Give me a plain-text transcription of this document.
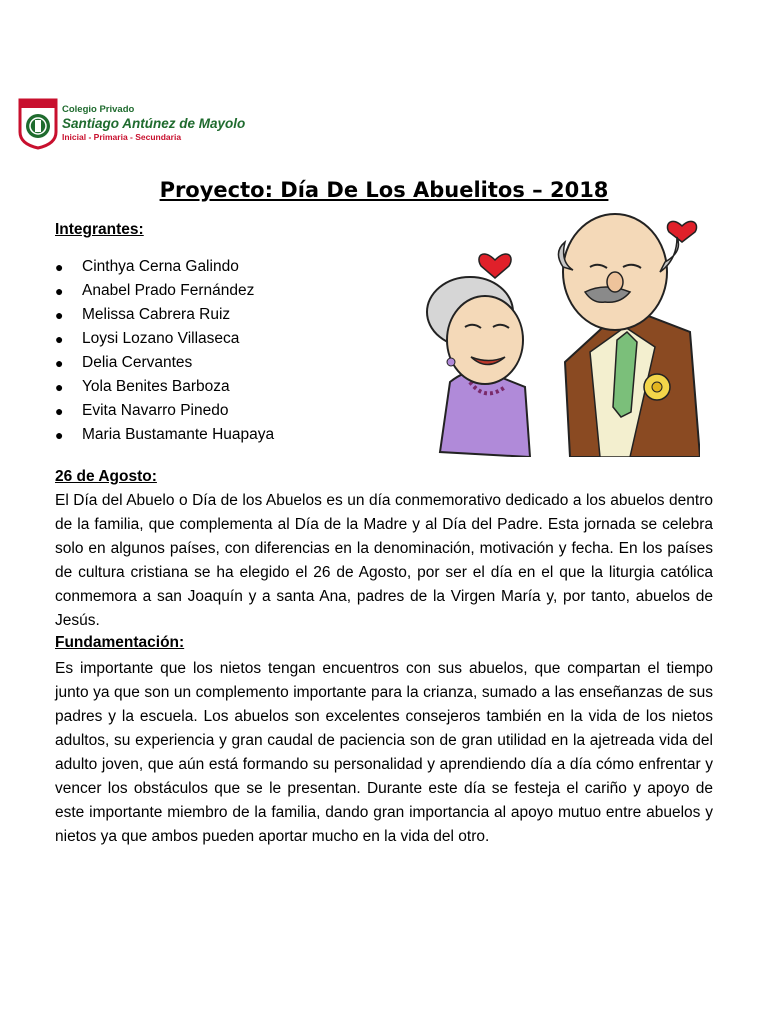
Colegio Privado
Santiago Antúnez de Mayolo
Inicial - Primaria - Secundaria
Proyecto: Día De Los Abuelitos – 2018
Integrantes:
● Cinthya Cerna Galindo
● Anabel Prado Fernández
● Melissa Cabrera Ruiz
● Loysi Lozano Villaseca
● Delia Cervantes
● Yola Benites Barboza
● Evita Navarro Pinedo
● Maria Bustamante Huapaya
26 de Agosto:

El Día del Abuelo o Día de los Abuelos es un día conmemorativo dedicado a los abuelos dentro de la familia, que complementa al Día de la Madre y al Día del Padre. Esta jornada se celebra solo en algunos países, con diferencias en la denominación, motivación y fecha. En los países de cultura cristiana se ha elegido el 26 de Agosto, por ser el día en el que la liturgia católica conmemora a san Joaquín y a santa Ana, padres de la Virgen María y, por tanto, abuelos de Jesús.

Fundamentación:

Es importante que los nietos tengan encuentros con sus abuelos, que compartan el tiempo junto ya que son un complemento importante para la crianza, sumado a las enseñanzas de sus padres y la escuela. Los abuelos son excelentes consejeros también en la vida de los nietos adultos, su experiencia y gran caudal de paciencia son de gran utilidad en la ajetreada vida del adulto joven, que aún está formando su personalidad y aprendiendo día a día cómo enfrentar y vencer los obstáculos que se le presentan. Durante este día se festeja el cariño y apoyo de este importante miembro de la familia, dando gran importancia al apoyo mutuo entre abuelos y nietos ya que ambos pueden aportar mucho en la vida del otro.
